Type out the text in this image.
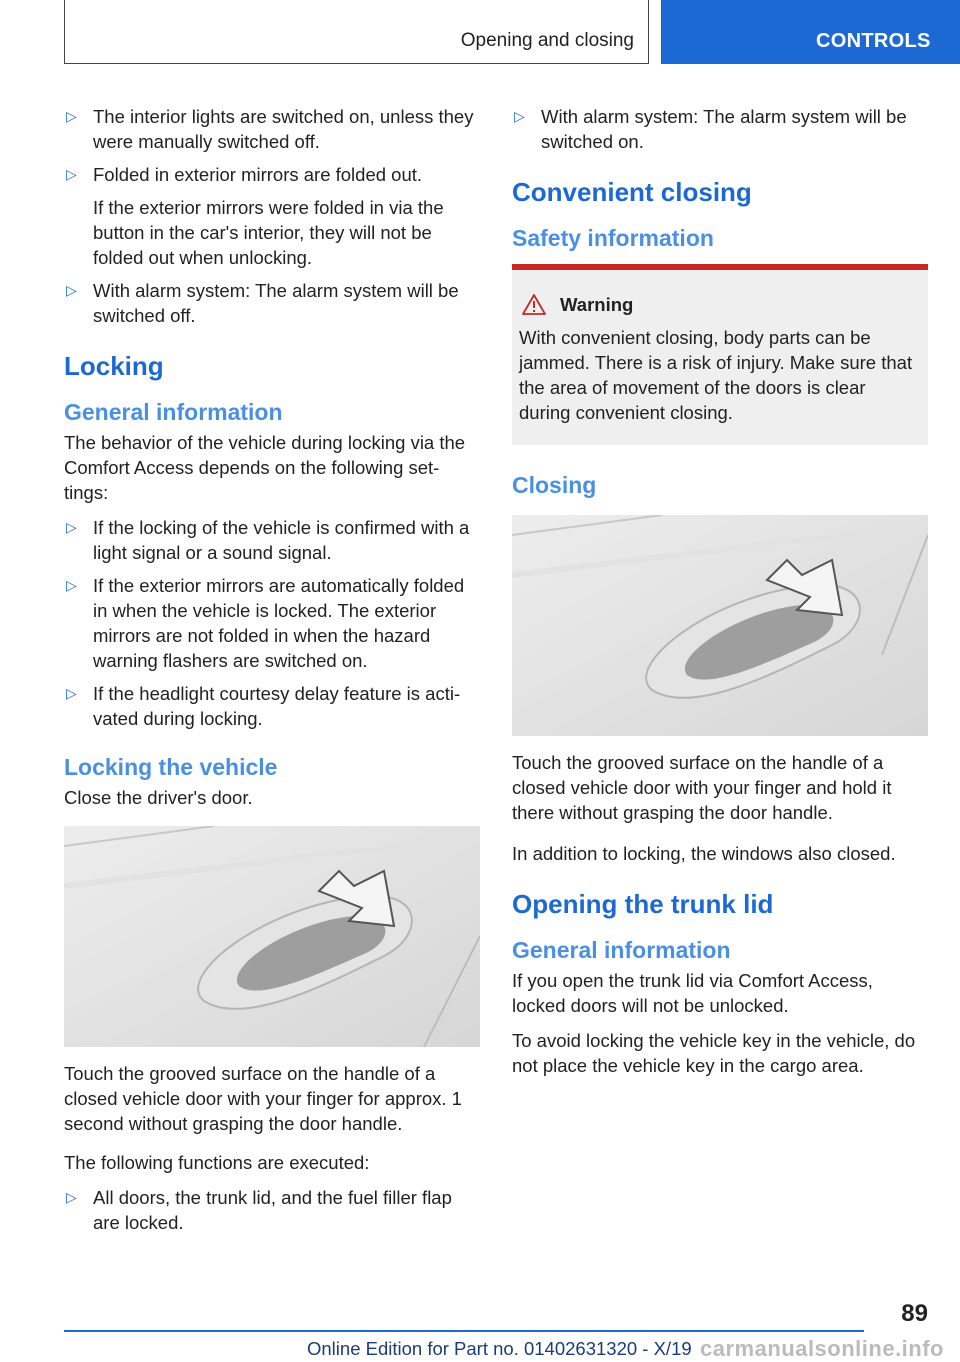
Opening and closing	CONTROLS
▷ The interior lights are switched on, unless they were manually switched off.
▷ Folded in exterior mirrors are folded out.
If the exterior mirrors were folded in via the button in the car's interior, they will not be folded out when unlocking.
▷ With alarm system: The alarm system will be switched off.
Locking
General information

The behavior of the vehicle during locking via the Comfort Access depends on the following set‐tings:

▷ If the locking of the vehicle is confirmed with a light signal or a sound signal.
▷ If the exterior mirrors are automatically folded in when the vehicle is locked. The exterior mirrors are not folded in when the hazard warning flashers are switched on.
▷ If the headlight courtesy delay feature is acti‐vated during locking.
Locking the vehicle

Close the driver's door.

Touch the grooved surface on the handle of a closed vehicle door with your finger for approx. 1 second without grasping the door handle.

The following functions are executed:

▷ All doors, the trunk lid, and the fuel filler flap are locked.
▷ With alarm system: The alarm system will be switched on.
Convenient closing
Safety information
Warning
With convenient closing, body parts can be jammed. There is a risk of injury. Make sure that the area of movement of the doors is clear during convenient closing.
Closing

Touch the grooved surface on the handle of a closed vehicle door with your finger and hold it there without grasping the door handle.

In addition to locking, the windows also closed.

Opening the trunk lid
General information

If you open the trunk lid via Comfort Access, locked doors will not be unlocked.

To avoid locking the vehicle key in the vehicle, do not place the vehicle key in the cargo area.

89
Online Edition for Part no. 01402631320 - X/19 carmanualsonline.info
